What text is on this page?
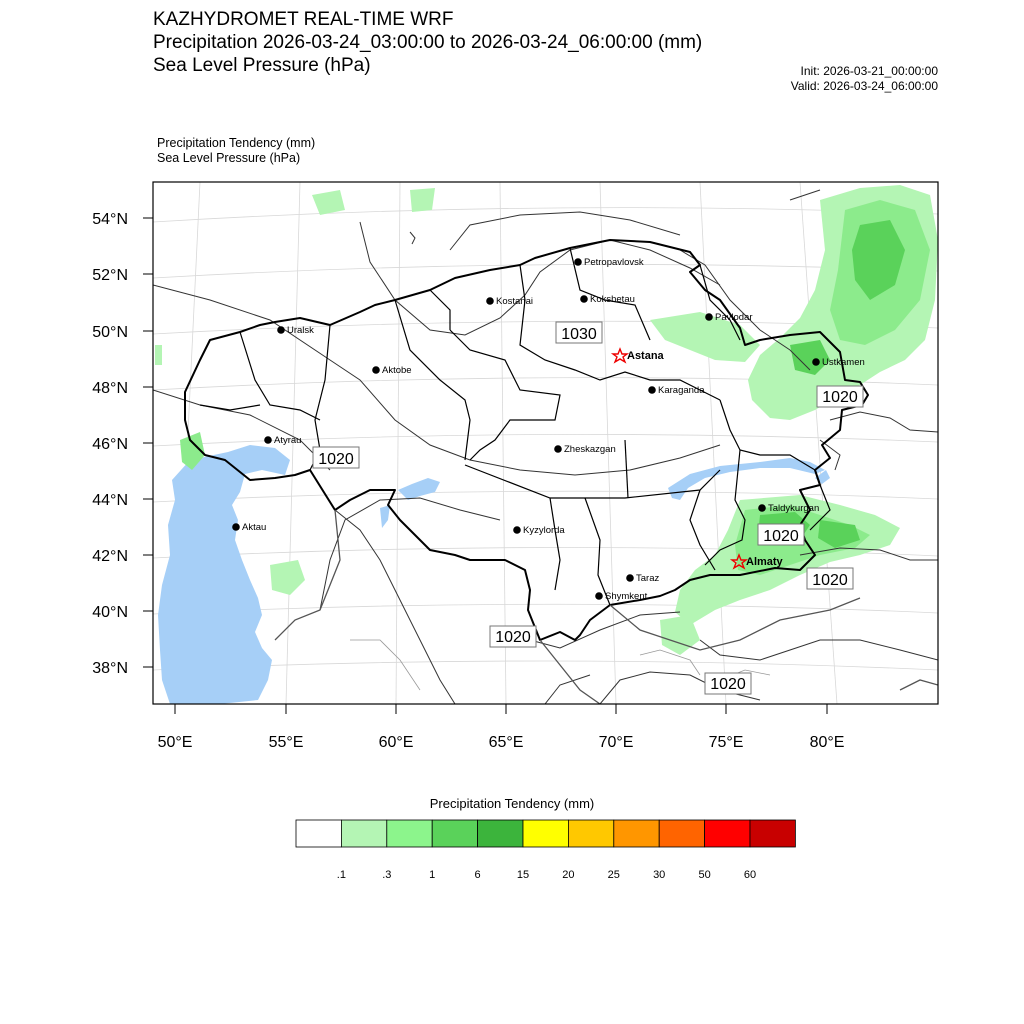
KAZHYDROMET REAL-TIME WRF
Precipitation 2026-03-24_03:00:00 to 2026-03-24_06:00:00 (mm)
Sea Level Pressure (hPa)	Init: 2026-03-21_00:00:00
Valid: 2026-03-24_06:00:00
Precipitation Tendency (mm)
Sea Level Pressure (hPa)
54°N
52°N
50°N
48°N
46°N
44°N
42°N
40°N
38°N
50°E	55°E	60°E	65°E	70°E	75°E	80°E
1030
1020
1020
1020
1020
1020
1020
Petropavlovsk
Kostanai	Kokshetau
Uralsk
Pavlodar
Astana
Aktobe
Ustkamen
Karaganda
Atyrau
Zheskazgan
Taldykurgan
Aktau	Kyzylorda
Almaty
Taraz
Shymkent
.1	.3	1	6	15	20	25	30	50	60
Precipitation Tendency (mm)
